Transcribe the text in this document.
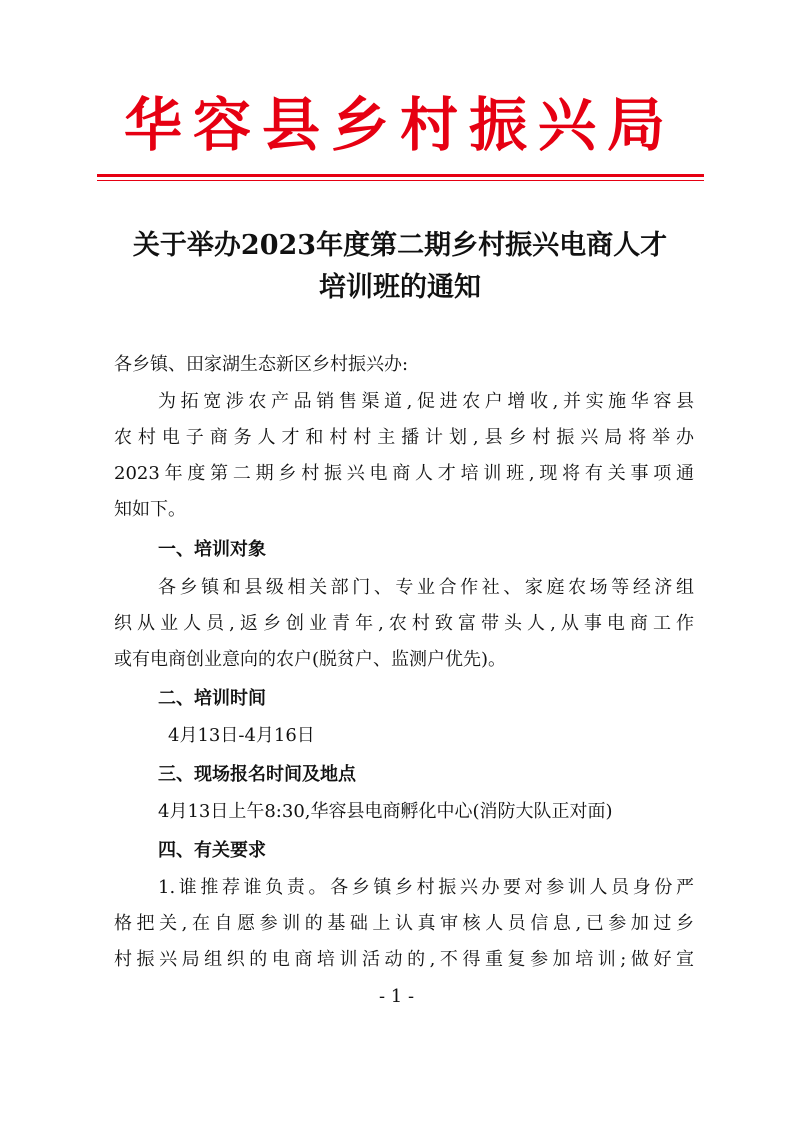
华容县乡村振兴局
关于举办2023年度第二期乡村振兴电商人才
培训班的通知
各乡镇、田家湖生态新区乡村振兴办:
为拓宽涉农产品销售渠道,促进农户增收,并实施华容县
农村电子商务人才和村村主播计划,县乡村振兴局将举办
2023年度第二期乡村振兴电商人才培训班,现将有关事项通
知如下。
一、培训对象
各乡镇和县级相关部门、专业合作社、家庭农场等经济组
织从业人员,返乡创业青年,农村致富带头人,从事电商工作
或有电商创业意向的农户(脱贫户、监测户优先)。
二、培训时间
4月13日-4月16日
三、现场报名时间及地点
4月13日上午8:30,华容县电商孵化中心(消防大队正对面)
四、有关要求
1.谁推荐谁负责。各乡镇乡村振兴办要对参训人员身份严
格把关,在自愿参训的基础上认真审核人员信息,已参加过乡
村振兴局组织的电商培训活动的,不得重复参加培训;做好宣
- 1 -
